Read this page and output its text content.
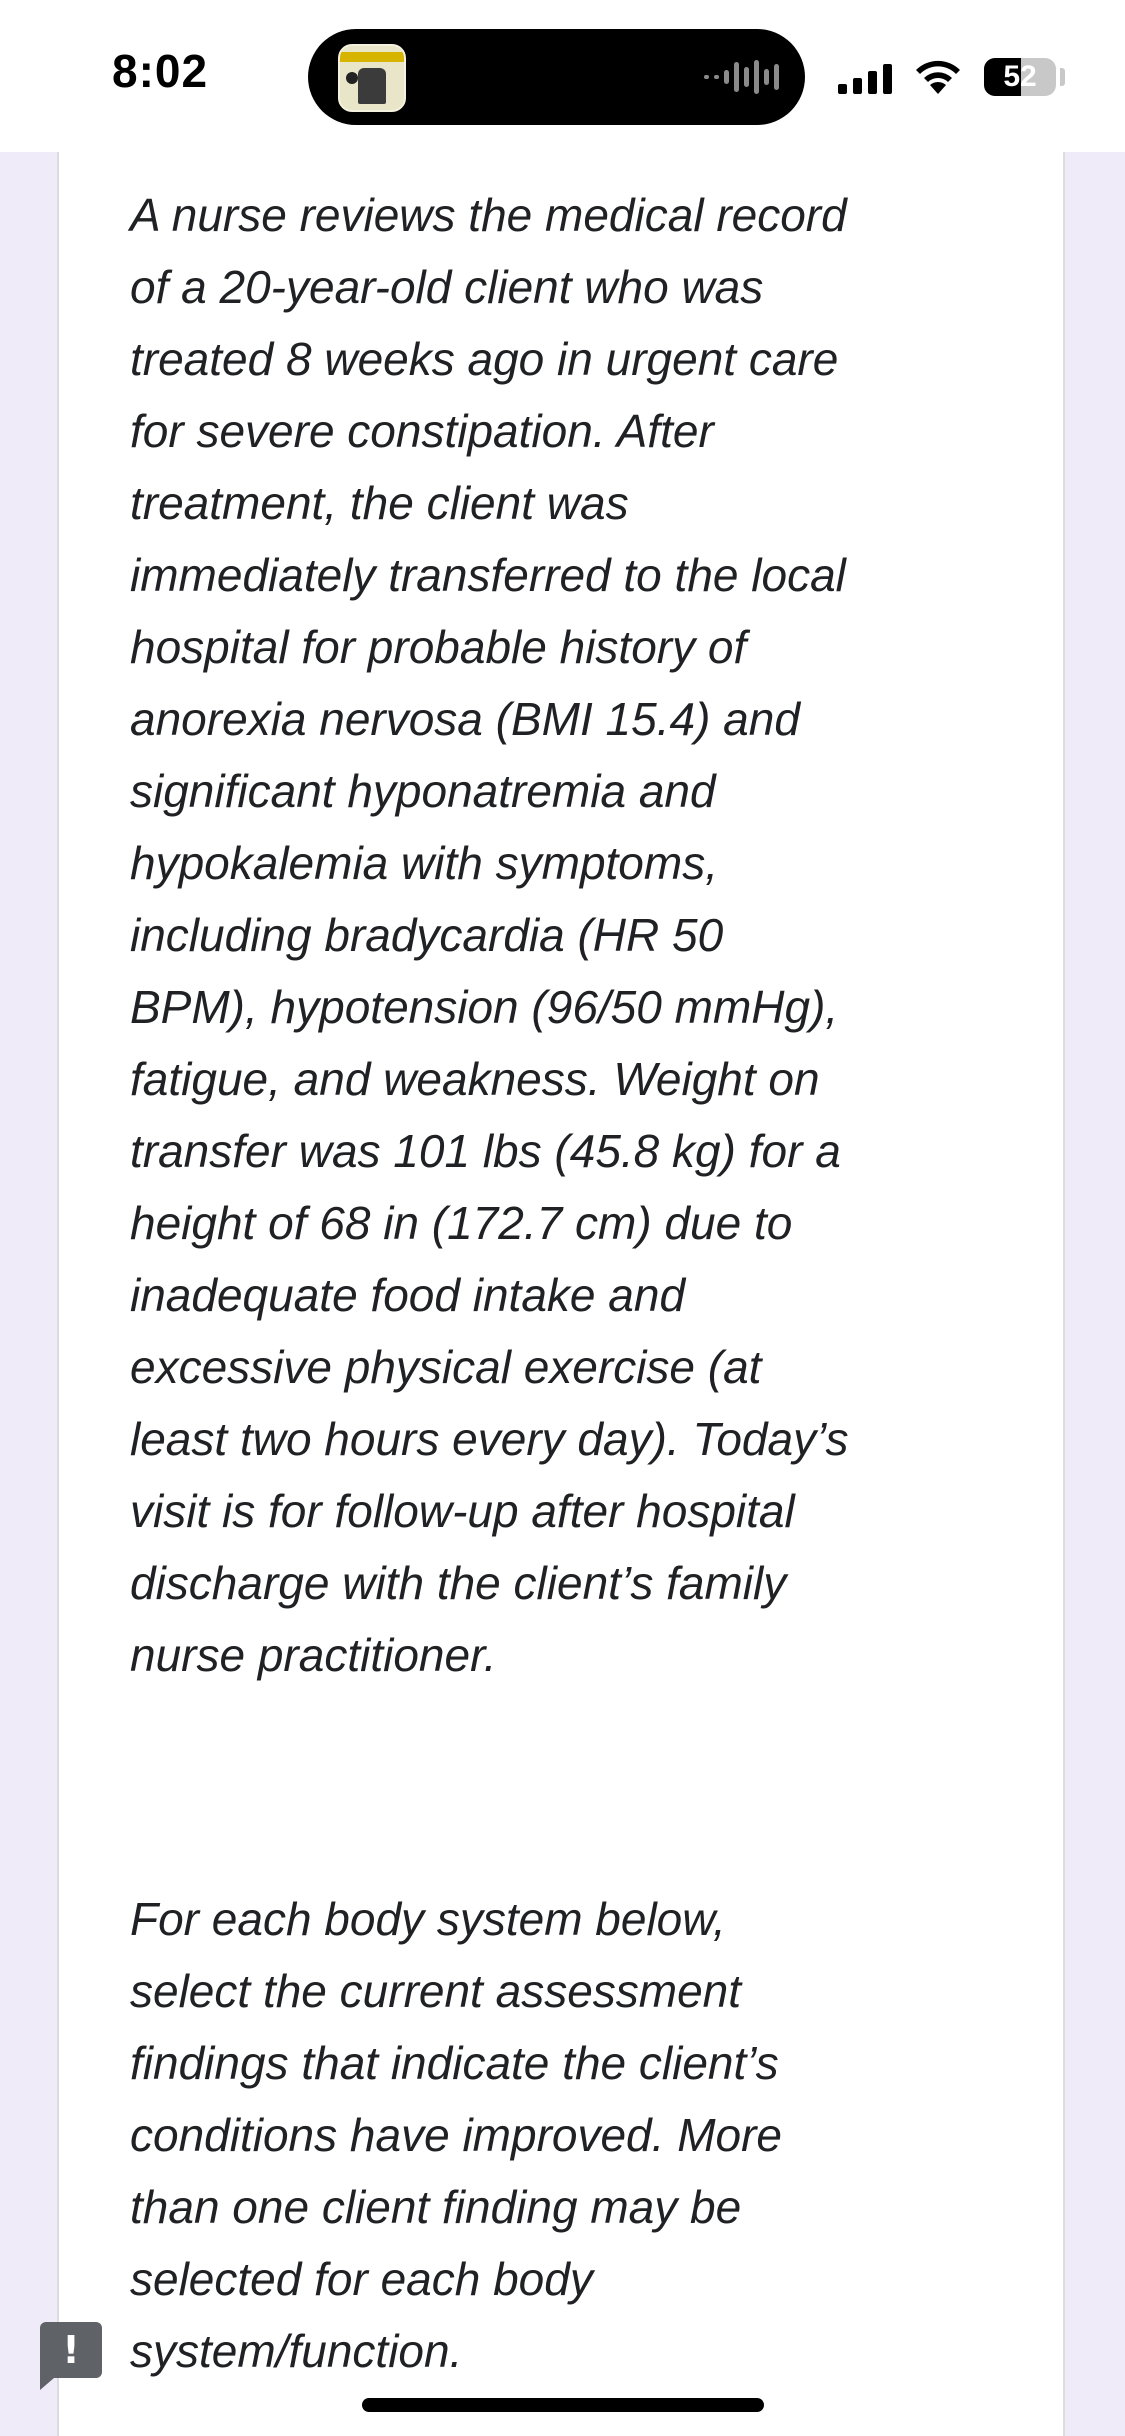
8:02	52

A nurse reviews the medical record of a 20-year-old client who was treated 8 weeks ago in urgent care for severe constipation. After treatment, the client was immediately transferred to the local hospital for probable history of anorexia nervosa (BMI 15.4) and significant hyponatremia and hypokalemia with symptoms, including bradycardia (HR 50 BPM), hypotension (96/50 mmHg), fatigue, and weakness. Weight on transfer was 101 lbs (45.8 kg) for a height of 68 in (172.7 cm) due to inadequate food intake and excessive physical exercise (at least two hours every day). Today’s visit is for follow-up after hospital discharge with the client’s family nurse practitioner.

For each body system below, select the current assessment findings that indicate the client’s conditions have improved. More than one client finding may be selected for each body system/function.

!
